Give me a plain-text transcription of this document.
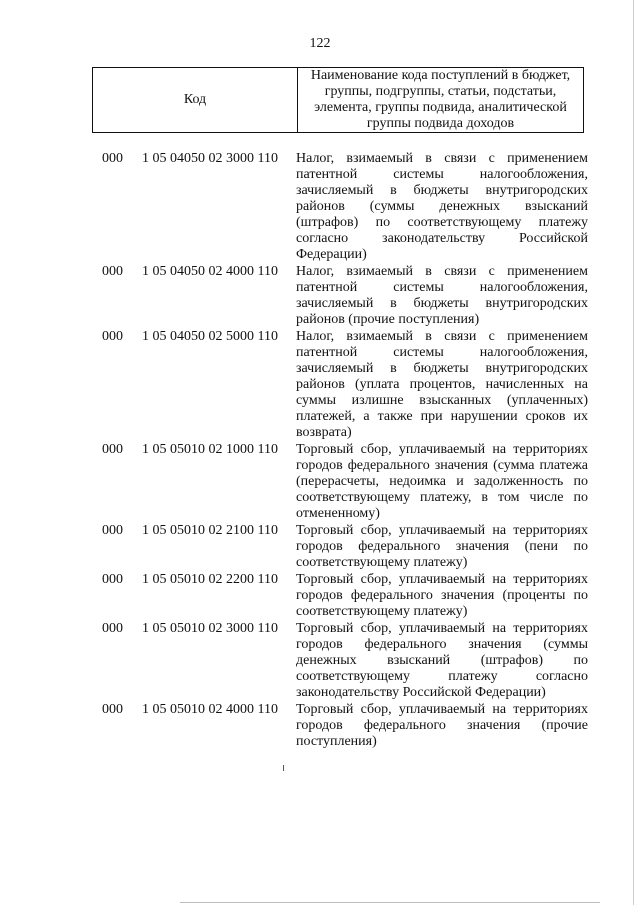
122
Код	Наименование кода поступлений в бюджет, группы, подгруппы, статьи, подстатьи, элемента, группы подвида, аналитической группы подвида доходов
000	1 05 04050 02 3000 110	Налог, взимаемый в связи с применением патентной системы налогообложения, зачисляемый в бюджеты внутригородских районов (суммы денежных взысканий (штрафов) по соответствующему платежу согласно законодательству Российской Федерации)
000	1 05 04050 02 4000 110	Налог, взимаемый в связи с применением патентной системы налогообложения, зачисляемый в бюджеты внутригородских районов (прочие поступления)
000	1 05 04050 02 5000 110	Налог, взимаемый в связи с применением патентной системы налогообложения, зачисляемый в бюджеты внутригородских районов (уплата процентов, начисленных на суммы излишне взысканных (уплаченных) платежей, а также при нарушении сроков их возврата)
000	1 05 05010 02 1000 110	Торговый сбор, уплачиваемый на территориях городов федерального значения (сумма платежа (перерасчеты, недоимка и задолженность по соответствующему платежу, в том числе по отмененному)
000	1 05 05010 02 2100 110	Торговый сбор, уплачиваемый на территориях городов федерального значения (пени по соответствующему платежу)
000	1 05 05010 02 2200 110	Торговый сбор, уплачиваемый на территориях городов федерального значения (проценты по соответствующему платежу)
000	1 05 05010 02 3000 110	Торговый сбор, уплачиваемый на территориях городов федерального значения (суммы денежных взысканий (штрафов) по соответствующему платежу согласно законодательству Российской Федерации)
000	1 05 05010 02 4000 110	Торговый сбор, уплачиваемый на территориях городов федерального значения (прочие поступления)
